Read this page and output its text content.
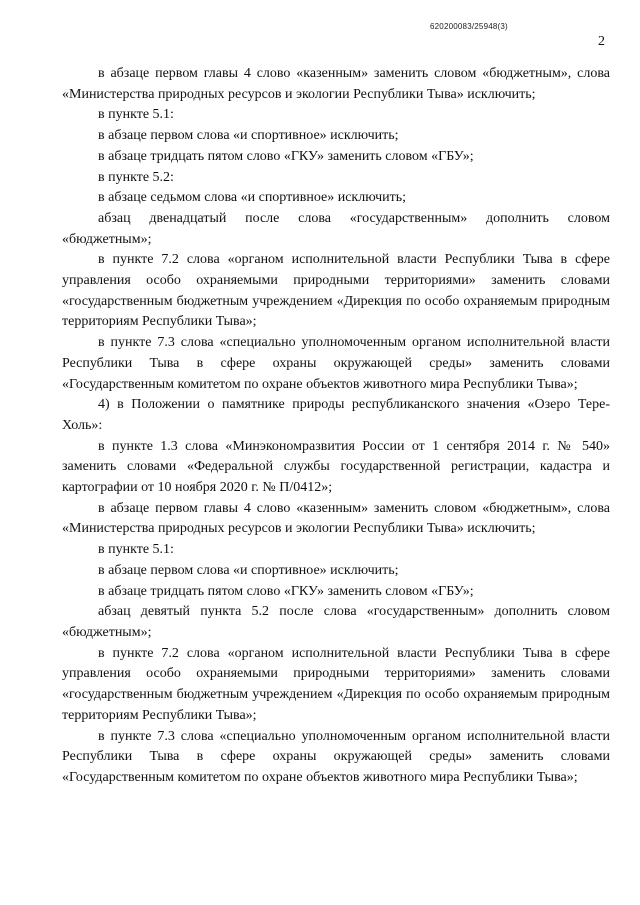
620200083/25948(3)
2

в абзаце первом главы 4 слово «казенным» заменить словом «бюджетным», слова «Министерства природных ресурсов и экологии Республики Тыва» исключить;

в пункте 5.1:

в абзаце первом слова «и спортивное» исключить;

в абзаце тридцать пятом слово «ГКУ» заменить словом «ГБУ»;

в пункте 5.2:

в абзаце седьмом слова «и спортивное» исключить;

абзац двенадцатый после слова «государственным» дополнить словом «бюджетным»;

в пункте 7.2 слова «органом исполнительной власти Республики Тыва в сфере управления особо охраняемыми природными территориями» заменить словами «государственным бюджетным учреждением «Дирекция по особо охраняемым природным территориям Республики Тыва»;

в пункте 7.3 слова «специально уполномоченным органом исполнительной власти Республики Тыва в сфере охраны окружающей среды» заменить словами «Государственным комитетом по охране объектов животного мира Республики Тыва»;

4) в Положении о памятнике природы республиканского значения «Озеро Тере-Холь»:

в пункте 1.3 слова «Минэкономразвития России от 1 сентября 2014 г. № 540» заменить словами «Федеральной службы государственной регистрации, кадастра и картографии от 10 ноября 2020 г. № П/0412»;

в абзаце первом главы 4 слово «казенным» заменить словом «бюджетным», слова «Министерства природных ресурсов и экологии Республики Тыва» исключить;

в пункте 5.1:

в абзаце первом слова «и спортивное» исключить;

в абзаце тридцать пятом слово «ГКУ» заменить словом «ГБУ»;

абзац девятый пункта 5.2 после слова «государственным» дополнить словом «бюджетным»;

в пункте 7.2 слова «органом исполнительной власти Республики Тыва в сфере управления особо охраняемыми природными территориями» заменить словами «государственным бюджетным учреждением «Дирекция по особо охраняемым природным территориям Республики Тыва»;

в пункте 7.3 слова «специально уполномоченным органом исполнительной власти Республики Тыва в сфере охраны окружающей среды» заменить словами «Государственным комитетом по охране объектов животного мира Республики Тыва»;
